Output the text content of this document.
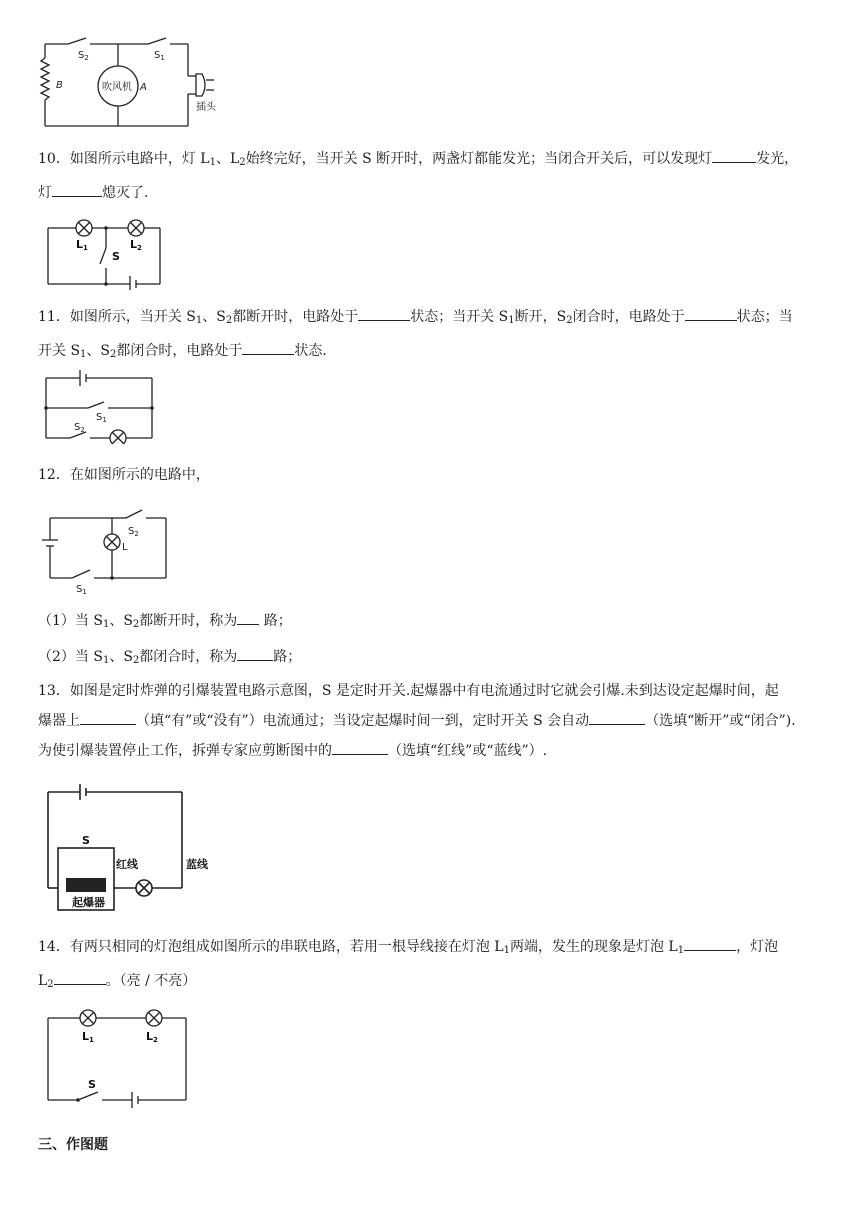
$S_2$	$S_1$
B	吹风机 A
插头

10．如图所示电路中，灯 $L_1$、$L_2$始终完好，当开关 S 断开时，两盏灯都能发光；当闭合开关后，可以发现灯	发光，
灯	熄灭了．

L1	L2
S

11．如图所示，当开关 $S_1$、$S_2$都断开时，电路处于	状态；当开关 $S_1$断开，$S_2$闭合时，电路处于	状态；当
开关 $S_1$、$S_2$都闭合时，电路处于	状态．

$S_1$
$S_2$

12．在如图所示的电路中，

$S_2$
L
$S_1$

（1）当 $S_1$、$S_2$都断开时，称为 路；

（2）当 $S_1$、$S_2$都闭合时，称为	路；

13．如图是定时炸弹的引爆装置电路示意图，S 是定时开关.起爆器中有电流通过时它就会引爆.未到达设定起爆时间，起
爆器上	（填“有”或“没有”）电流通过；当设定起爆时间一到，定时开关 S 会自动	（选填“断开”或“闭合”).
为使引爆装置停止工作，拆弹专家应剪断图中的	（选填“红线”或“蓝线”）.

S
红线	蓝线
起爆器

14．有两只相同的灯泡组成如图所示的串联电路，若用一根导线接在灯泡 $L_1$两端，发生的现象是灯泡 $L_1$	，灯泡
$L_2$	。（亮 / 不亮）

L1	L2
S
三、作图题
